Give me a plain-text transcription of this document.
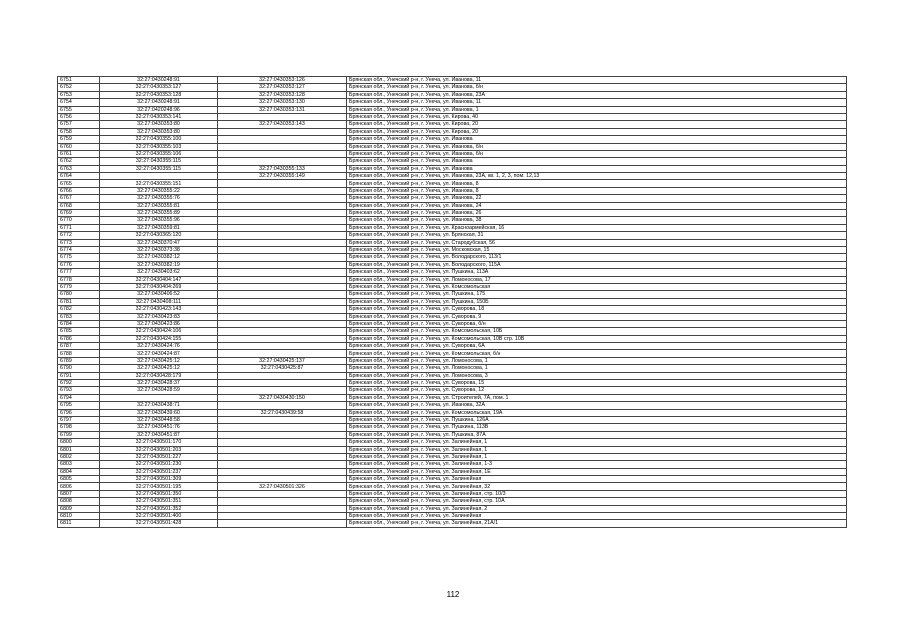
6751	32:27:0430248:91	32:27:0430353:126	Брянская обл., Унечский р-н, г. Унеча, ул. Иванова, 11
6752	32:27:0430353:127	32:27:0430353:127	Брянская обл., Унечский р-н, г. Унеча, ул. Иванова, б/н
6753	32:27:0430353:128	32:27:0430353:128	Брянская обл., Унечский р-н, г. Унеча, ул. Иванова, 23А
6754	32:27:0430248:91	32:27:0430353:130	Брянская обл., Унечский р-н, г. Унеча, ул. Иванова, 11
6755	32:27:0420248:96	32:27:0430353:131	Брянская обл., Унечский р-н, г. Унеча, ул. Иванова, 1
6756	32:27:0430353:141		Брянская обл., Унечский р-н, г. Унеча, ул. Кирова, 40
6757	32:27:0430353:80	32:27:0430353:143	Брянская обл., Унечский р-н, г. Унеча, ул. Кирова, 20
6758	32:27:0430353:80		Брянская обл., Унечский р-н, г. Унеча, ул. Кирова, 20
6759	32:27:0430355:100		Брянская обл., Унечский р-н, г. Унеча, ул. Иванова
6760	32:27:0430355:103		Брянская обл., Унечский р-н, г. Унеча, ул. Иванова, б/н
6761	32:27:0430355:106		Брянская обл., Унечский р-н, г. Унеча, ул. Иванова, б/н
6762	32:27:0430355:115		Брянская обл., Унечский р-н, г. Унеча, ул. Иванова
6763	32:27:0430355:115	32:27:0430355:133	Брянская обл., Унечский р-н, г. Унеча, ул. Иванова
6764		32:27:0430355:149	Брянская обл., Унечский р-н, г. Унеча, ул. Иванова, 23А, кв. 1, 2, 3, пом. 12,13
6765	32:27:0430355:151		Брянская обл., Унечский р-н, г. Унеча, ул. Иванова, 8
6766	32:27:0430355:22		Брянская обл., Унечский р-н, г. Унеча, ул. Иванова, 8
6767	32:27:0430355:76		Брянская обл., Унечский р-н, г. Унеча, ул. Иванова, 22
6768	32:27:0430355:81		Брянская обл., Унечский р-н, г. Унеча, ул. Иванова, 24
6769	32:27:0430355:89		Брянская обл., Унечский р-н, г. Унеча, ул. Иванова, 26
6770	32:27:0430355:96		Брянская обл., Унечский р-н, г. Унеча, ул. Иванова, 38
6771	32:27:0430359:81		Брянская обл., Унечский р-н, г. Унеча, ул. Красноармейская, 16
6772	32:27:0430365:120		Брянская обл., Унечский р-н, г. Унеча, ул. Брянская, 31
6773	32:27:0430370:47		Брянская обл., Унечский р-н, г. Унеча, ул. Стародубская, 56
6774	32:27:0430373:38		Брянская обл., Унечский р-н, г. Унеча, ул. Московская, 15
6775	32:27:0430382:12		Брянская обл., Унечский р-н, г. Унеча, ул. Володарского, 113/1
6776	32:27:0430382:19		Брянская обл., Унечский р-н, г. Унеча, ул. Володарского, 115А
6777	32:27:0430403:62		Брянская обл., Унечский р-н, г. Унеча, ул. Пушкина, 113А
6778	32:27:0430404:147		Брянская обл., Унечский р-н, г. Унеча, ул. Ломоносова, 17
6779	32:27:0430404:269		Брянская обл., Унечский р-н, г. Унеча, ул. Комсомольская
6780	32:27:0430406:52		Брянская обл., Унечский р-н, г. Унеча, ул. Пушкина, 175
6781	32:27:0430408:111		Брянская обл., Унечский р-н, г. Унеча, ул. Пушкина, 150Б
6782	32:27:0430423:143		Брянская обл., Унечский р-н, г. Унеча, ул. Суворова, 18
6783	32:27:0430423:83		Брянская обл., Унечский р-н, г. Унеча, ул. Суворова, 9
6784	32:27:0430423:86		Брянская обл., Унечский р-н, г. Унеча, ул. Суворова, б/н
6785	32:27:0430424:106		Брянская обл., Унечский р-н, г. Унеча, ул. Комсомольская, 10Б
6786	32:27:0430424:155		Брянская обл., Унечский р-н, г. Унеча, ул. Комсомольская, 10В стр. 10В
6787	32:27:0430424:76		Брянская обл., Унечский р-н, г. Унеча, ул. Суворова, 6А
6788	32:27:0430424:87		Брянская обл., Унечский р-н, г. Унеча, ул. Комсомольская, б/н
6789	32:27:0430425:12	32:27:0430425:137	Брянская обл., Унечский р-н, г. Унеча, ул. Ломоносова, 1
6790	32:27:0430425:12	32:27:0430425:87	Брянская обл., Унечский р-н, г. Унеча, ул. Ломоносова, 1
6791	32:27:0430428:179		Брянская обл., Унечский р-н, г. Унеча, ул. Ломоносова, 3
6792	32:27:0430428:37		Брянская обл., Унечский р-н, г. Унеча, ул. Суворова, 15
6793	32:27:0430428:59		Брянская обл., Унечский р-н, г. Унеча, ул. Суворова, 12
6794		32:27:0430430:150	Брянская обл., Унечский р-н, г. Унеча, ул. Строителей, 7А, пом. 1
6795	32:27:0430438:71		Брянская обл., Унечский р-н, г. Унеча, ул. Иванова, 32А
6796	32:27:0430439:60	32:27:0430439:58	Брянская обл., Унечский р-н, г. Унеча, ул. Комсомольская, 19А
6797	32:27:0430448:58		Брянская обл., Унечский р-н, г. Унеча, ул. Пушкина, 126А
6798	32:27:0430451:76		Брянская обл., Унечский р-н, г. Унеча, ул. Пушкина, 113В
6799	32:27:0430451:87		Брянская обл., Унечский р-н, г. Унеча, ул. Пушкина, 87А
6800	32:27:0430501:170		Брянская обл., Унечский р-н, г. Унеча, ул. Залинейная, 1
6801	32:27:0430501:203		Брянская обл., Унечский р-н, г. Унеча, ул. Залинейная, 1
6802	32:27:0430501:227		Брянская обл., Унечский р-н, г. Унеча, ул. Залинейная, 1
6803	32:27:0430501:230		Брянская обл., Унечский р-н, г. Унеча, ул. Залинейная, 1-3
6804	32:27:0430501:237		Брянская обл., Унечский р-н, г. Унеча, ул. Залинейная, 1Е
6805	32:27:0430501:309		Брянская обл., Унечский р-н, г. Унеча, ул. Залинейная
6806	32:27:0430501:195	32:27:0430501:326	Брянская обл., Унечский р-н, г. Унеча, ул. Залинейная, 32
6807	32:27:0430501:350		Брянская обл., Унечский р-н, г. Унеча, ул. Залинейная, стр. 10/3
6808	32:27:0430501:351		Брянская обл., Унечский р-н, г. Унеча, ул. Залинейная, стр. 10А
6809	32:27:0430501:352		Брянская обл., Унечский р-н, г. Унеча, ул. Залинейная, 2
6810	32:27:0430501:400		Брянская обл., Унечский р-н, г. Унеча, ул. Залинейная
6811	32:27:0430501:428		Брянская обл., Унечский р-н, г. Унеча, ул. Залинейная, 21А/1
112
